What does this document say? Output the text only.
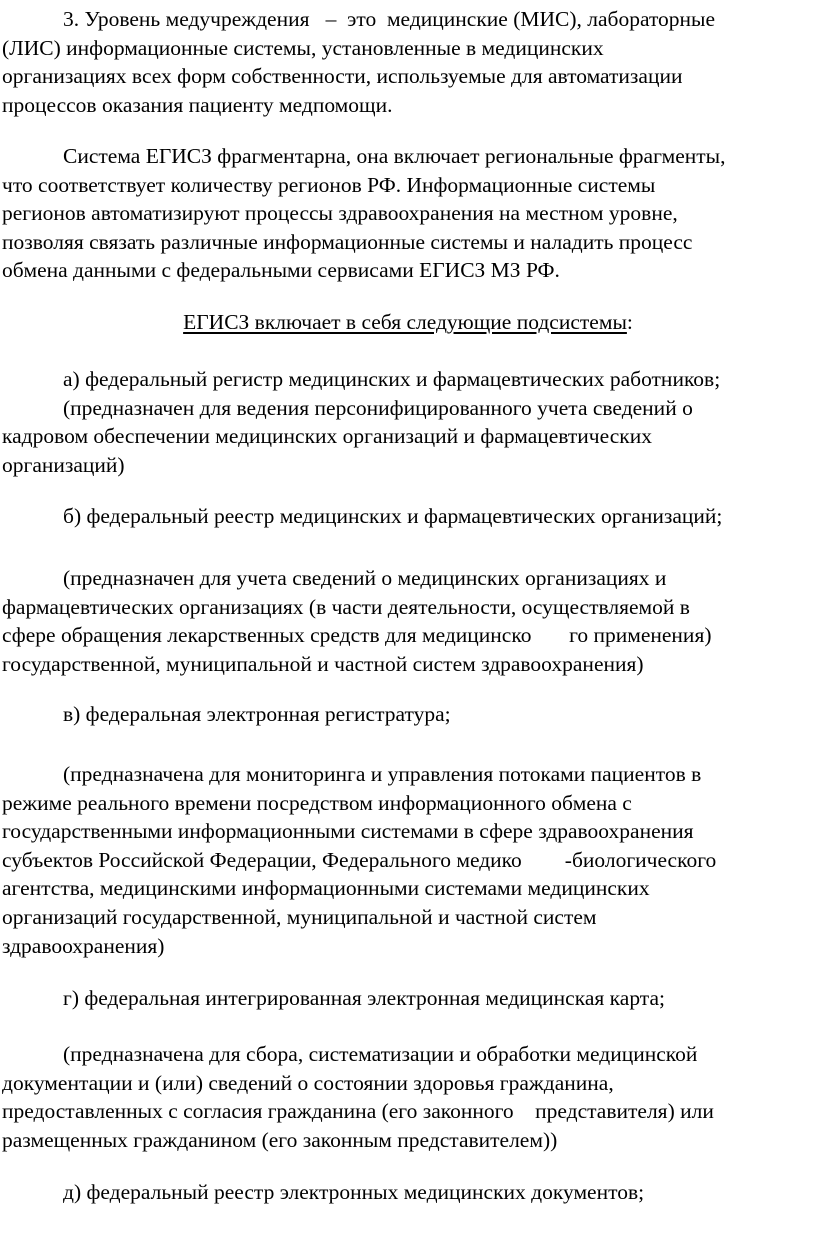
3. Уровень медучреждения   –  это  медицинские (МИС), лабораторные
(ЛИС) информационные системы, установленные в медицинских
организациях всех форм собственности, используемые для автоматизации
процессов оказания пациенту медпомощи.
Система ЕГИСЗ фрагментарна, она включает региональные фрагменты,
что соответствует количеству регионов РФ. Информационные системы
регионов автоматизируют процессы здравоохранения на местном уровне,
позволяя связать различные информационные системы и наладить процесс
обмена данными с федеральными сервисами ЕГИСЗ МЗ РФ.

ЕГИСЗ включает в себя следующие подсистемы:

а) федеральный регистр медицинских и фармацевтических работников;
(предназначен для ведения персонифицированного учета сведений о
кадровом обеспечении медицинских организаций и фармацевтических
организаций)
б) федеральный реестр медицинских и фармацевтических организаций;
(предназначен для учета сведений о медицинских организациях и
фармацевтических организациях (в части деятельности, осуществляемой в
сфере обращения лекарственных средств для медицинско       го применения)
государственной, муниципальной и частной систем здравоохранения)
в) федеральная электронная регистратура;
(предназначена для мониторинга и управления потоками пациентов в
режиме реального времени посредством информационного обмена с
государственными информационными системами в сфере здравоохранения
субъектов Российской Федерации, Федерального медико        -биологического
агентства, медицинскими информационными системами медицинских
организаций государственной, муниципальной и частной систем
здравоохранения)
г) федеральная интегрированная электронная медицинская карта;
(предназначена для сбора, систематизации и обработки медицинской
документации и (или) сведений о состоянии здоровья гражданина,
предоставленных с согласия гражданина (его законного    представителя) или
размещенных гражданином (его законным представителем))
д) федеральный реестр электронных медицинских документов;
